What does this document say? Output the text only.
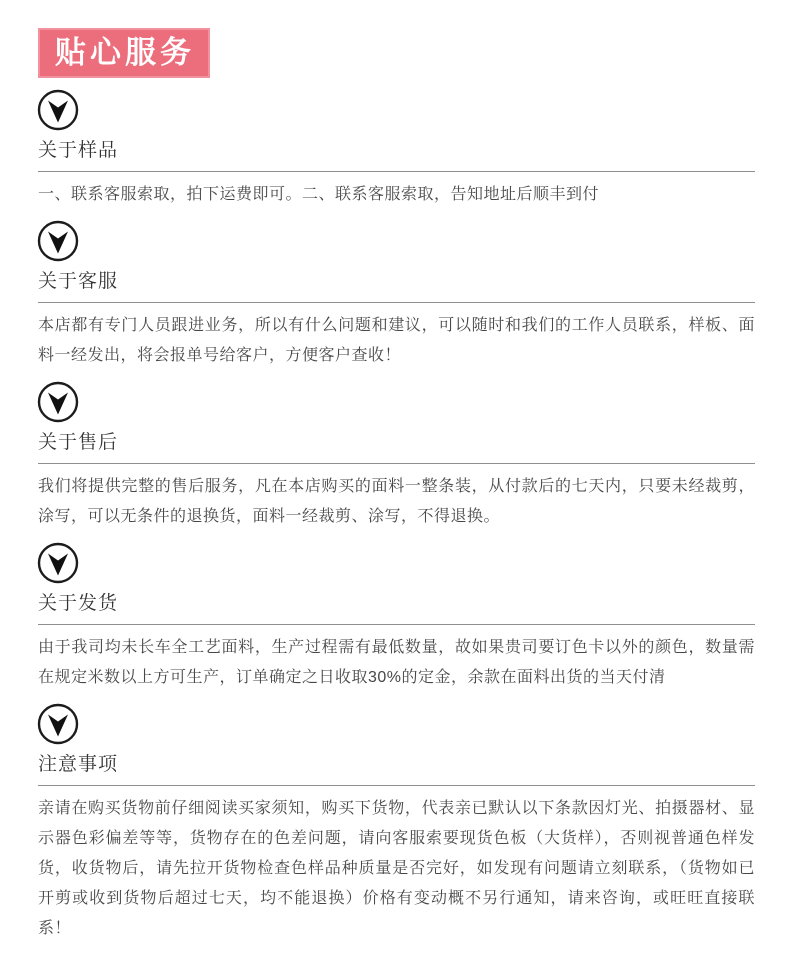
贴心服务
关于样品

一、联系客服索取，拍下运费即可。二、联系客服索取，告知地址后顺丰到付

关于客服

本店都有专门人员跟进业务，所以有什么问题和建议，可以随时和我们的工作人员联系，样板、面料一经发出，将会报单号给客户，方便客户查收！

关于售后

我们将提供完整的售后服务，凡在本店购买的面料一整条装，从付款后的七天内，只要未经裁剪，涂写，可以无条件的退换货，面料一经裁剪、涂写，不得退换。

关于发货

由于我司均未长车全工艺面料，生产过程需有最低数量，故如果贵司要订色卡以外的颜色，数量需在规定米数以上方可生产，订单确定之日收取30%的定金，余款在面料出货的当天付清

注意事项

亲请在购买货物前仔细阅读买家须知，购买下货物，代表亲已默认以下条款因灯光、拍摄器材、显示器色彩偏差等等，货物存在的色差问题，请向客服索要现货色板（大货样），否则视普通色样发货，收货物后，请先拉开货物检查色样品种质量是否完好，如发现有问题请立刻联系，（货物如已开剪或收到货物后超过七天，均不能退换）价格有变动概不另行通知，请来咨询，或旺旺直接联系！
